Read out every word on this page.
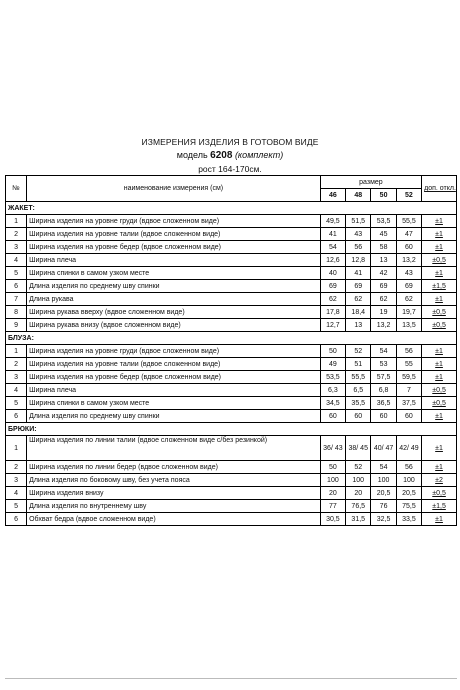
ИЗМЕРЕНИЯ ИЗДЕЛИЯ В ГОТОВОМ ВИДЕ
модель 6208 (комплект)
рост 164-170см.
№	наименование измерения (см)	размер				доп. откл.
		46	48	50	52	
ЖАКЕТ:						
1	Ширина изделия на уровне груди (вдвое сложенном виде)	49,5	51,5	53,5	55,5	±1
2	Ширина изделия на уровне талии (вдвое сложенном виде)	41	43	45	47	±1
3	Ширина изделия на уровне бедер (вдвое сложенном виде)	54	56	58	60	±1
4	Ширина плеча	12,6	12,8	13	13,2	±0,5
5	Ширина спинки в самом узком месте	40	41	42	43	±1
6	Длина изделия по среднему шву спинки	69	69	69	69	±1,5
7	Длина рукава	62	62	62	62	±1
8	Ширина рукава вверху (вдвое сложенном виде)	17,8	18,4	19	19,7	±0,5
9	Ширина рукава внизу (вдвое сложенном виде)	12,7	13	13,2	13,5	±0,5
БЛУЗА:						
1	Ширина изделия на уровне груди (вдвое сложенном виде)	50	52	54	56	±1
2	Ширина изделия на уровне талии (вдвое сложенном виде)	49	51	53	55	±1
3	Ширина изделия на уровне бедер (вдвое сложенном виде)	53,5	55,5	57,5	59,5	±1
4	Ширина плеча	6,3	6,5	6,8	7	±0,5
5	Ширина спинки в самом узком месте	34,5	35,5	36,5	37,5	±0,5
6	Длина изделия по среднему шву спинки	60	60	60	60	±1
БРЮКИ:						
1	Ширина изделия по линии талии (вдвое сложенном виде с/без резинкой)	36/ 43	38/ 45	40/ 47	42/ 49	±1
2	Ширина изделия по линии бедер (вдвое сложенном виде)	50	52	54	56	±1
3	Длина изделия по боковому шву, без учета пояса	100	100	100	100	±2
4	Ширина изделия внизу	20	20	20,5	20,5	±0,5
5	Длина изделия по внутреннему шву	77	76,5	76	75,5	±1,5
6	Обхват бедра (вдвое сложенном виде)	30,5	31,5	32,5	33,5	±1
